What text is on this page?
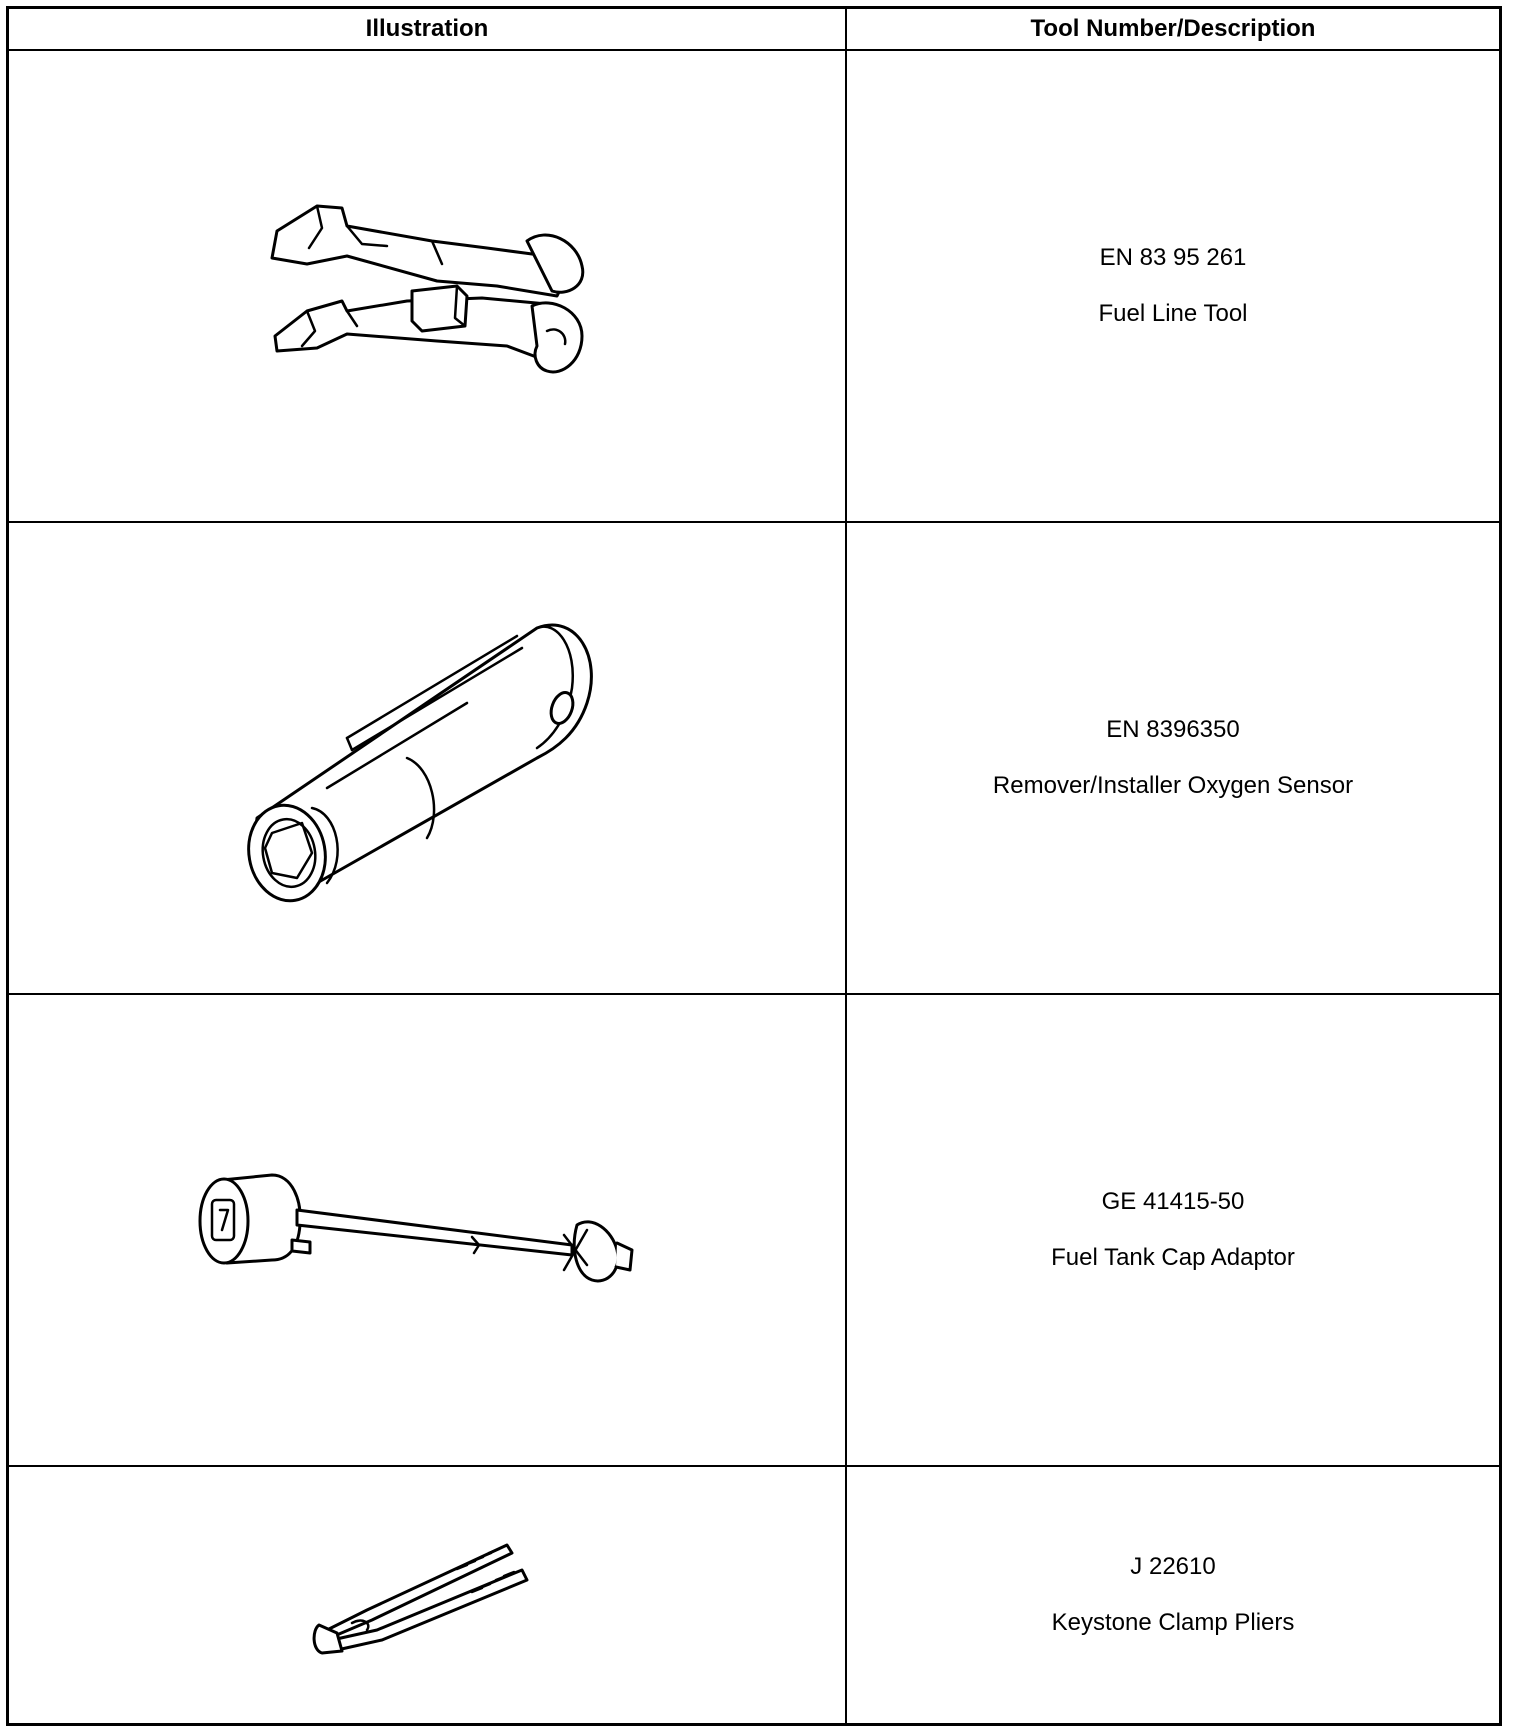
Illustration	Tool Number/Description
EN 83 95 261
Fuel Line Tool
EN 8396350
Remover/Installer Oxygen Sensor
GE 41415-50
Fuel Tank Cap Adaptor
J 22610
Keystone Clamp Pliers
